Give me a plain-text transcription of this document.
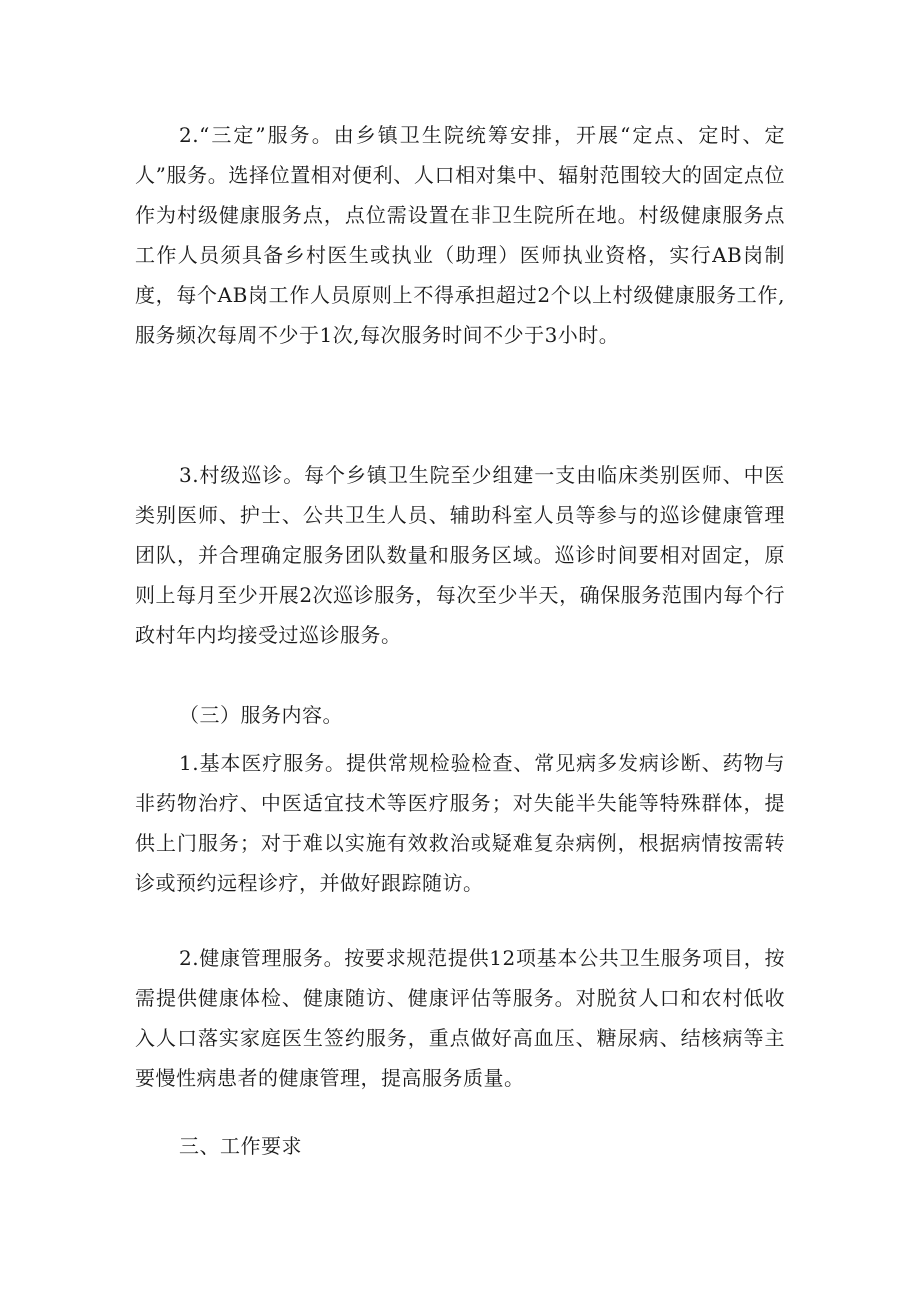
2.“三定”服务。由乡镇卫生院统筹安排，开展“定点、定时、定人”服务。选择位置相对便利、人口相对集中、辐射范围较大的固定点位作为村级健康服务点，点位需设置在非卫生院所在地。村级健康服务点工作人员须具备乡村医生或执业（助理）医师执业资格，实行AB岗制度，每个AB岗工作人员原则上不得承担超过2个以上村级健康服务工作,服务频次每周不少于1次,每次服务时间不少于3小时。

3.村级巡诊。每个乡镇卫生院至少组建一支由临床类别医师、中医类别医师、护士、公共卫生人员、辅助科室人员等参与的巡诊健康管理团队，并合理确定服务团队数量和服务区域。巡诊时间要相对固定，原则上每月至少开展2次巡诊服务，每次至少半天，确保服务范围内每个行政村年内均接受过巡诊服务。

（三）服务内容。

1.基本医疗服务。提供常规检验检查、常见病多发病诊断、药物与非药物治疗、中医适宜技术等医疗服务；对失能半失能等特殊群体，提供上门服务；对于难以实施有效救治或疑难复杂病例，根据病情按需转诊或预约远程诊疗，并做好跟踪随访。

2.健康管理服务。按要求规范提供12项基本公共卫生服务项目，按需提供健康体检、健康随访、健康评估等服务。对脱贫人口和农村低收入人口落实家庭医生签约服务，重点做好高血压、糖尿病、结核病等主要慢性病患者的健康管理，提高服务质量。

三、工作要求
